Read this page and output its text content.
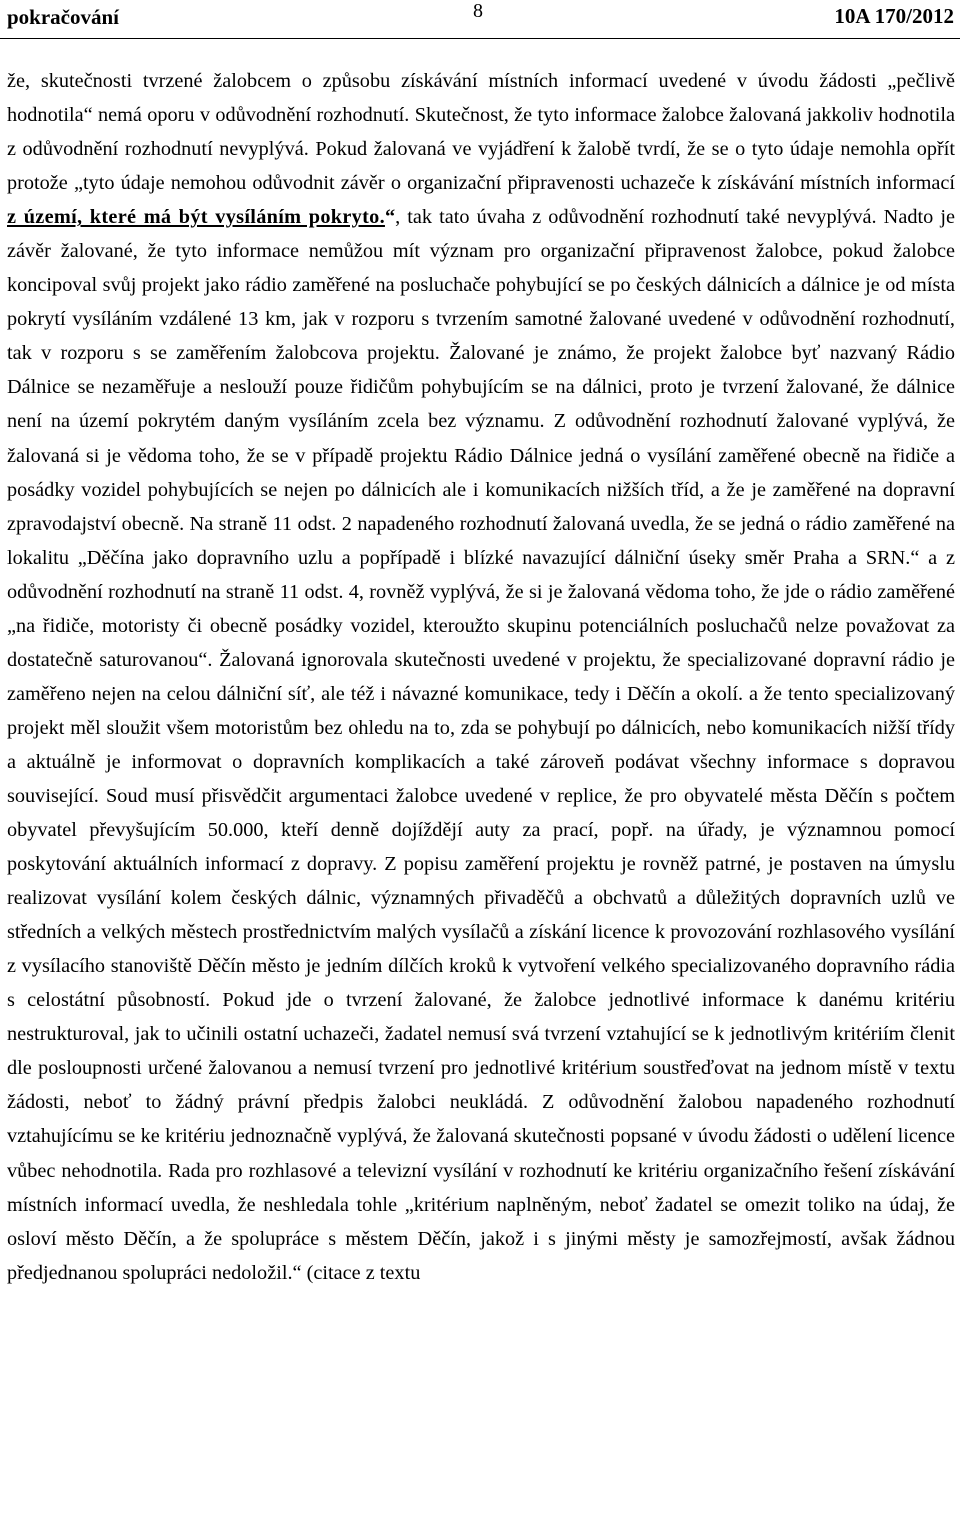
pokračování	8	10A 170/2012

že, skutečnosti tvrzené žalobcem o způsobu získávání místních informací uvedené v úvodu žádosti „pečlivě hodnotila“ nemá oporu v odůvodnění rozhodnutí. Skutečnost, že tyto informace žalobce žalovaná jakkoliv hodnotila z odůvodnění rozhodnutí nevyplývá. Pokud žalovaná ve vyjádření k žalobě tvrdí, že se o tyto údaje nemohla opřít protože „tyto údaje nemohou odůvodnit závěr o organizační připravenosti uchazeče k získávání místních informací z území, které má být vysíláním pokryto.“, tak tato úvaha z odůvodnění rozhodnutí také nevyplývá. Nadto je závěr žalované, že tyto informace nemůžou mít význam pro organizační připravenost žalobce, pokud žalobce koncipoval svůj projekt jako rádio zaměřené na posluchače pohybující se po českých dálnicích a dálnice je od místa pokrytí vysíláním vzdálené 13 km, jak v rozporu s tvrzením samotné žalované uvedené v odůvodnění rozhodnutí, tak v rozporu s se zaměřením žalobcova projektu. Žalované je známo, že projekt žalobce byť nazvaný Rádio Dálnice se nezaměřuje a neslouží pouze řidičům pohybujícím se na dálnici, proto je tvrzení žalované, že dálnice není na území pokrytém daným vysíláním zcela bez významu. Z odůvodnění rozhodnutí žalované vyplývá, že žalovaná si je vědoma toho, že se v případě projektu Rádio Dálnice jedná o vysílání zaměřené obecně na řidiče a posádky vozidel pohybujících se nejen po dálnicích ale i komunikacích nižších tříd, a že je zaměřené na dopravní zpravodajství obecně. Na straně 11 odst. 2 napadeného rozhodnutí žalovaná uvedla, že se jedná o rádio zaměřené na lokalitu „Děčína jako dopravního uzlu a popřípadě i blízké navazující dálniční úseky směr Praha a SRN.“ a z odůvodnění rozhodnutí na straně 11 odst. 4, rovněž vyplývá, že si je žalovaná vědoma toho, že jde o rádio zaměřené „na řidiče, motoristy či obecně posádky vozidel, kteroužto skupinu potenciálních posluchačů nelze považovat za dostatečně saturovanou“. Žalovaná ignorovala skutečnosti uvedené v projektu, že specializované dopravní rádio je zaměřeno nejen na celou dálniční síť, ale též i návazné komunikace, tedy i Děčín a okolí. a že tento specializovaný projekt měl sloužit všem motoristům bez ohledu na to, zda se pohybují po dálnicích, nebo komunikacích nižší třídy a aktuálně je informovat o dopravních komplikacích a také zároveň podávat všechny informace s dopravou související. Soud musí přisvědčit argumentaci žalobce uvedené v replice, že pro obyvatelé města Děčín s počtem obyvatel převyšujícím 50.000, kteří denně dojíždějí auty za prací, popř. na úřady, je významnou pomocí poskytování aktuálních informací z dopravy. Z popisu zaměření projektu je rovněž patrné, je postaven na úmyslu realizovat vysílání kolem českých dálnic, významných přivaděčů a obchvatů a důležitých dopravních uzlů ve středních a velkých městech prostřednictvím malých vysílačů a získání licence k provozování rozhlasového vysílání z vysílacího stanoviště Děčín město je jedním dílčích kroků k vytvoření velkého specializovaného dopravního rádia s celostátní působností. Pokud jde o tvrzení žalované, že žalobce jednotlivé informace k danému kritériu nestrukturoval, jak to učinili ostatní uchazeči, žadatel nemusí svá tvrzení vztahující se k jednotlivým kritériím členit dle posloupnosti určené žalovanou a nemusí tvrzení pro jednotlivé kritérium soustřeďovat na jednom místě v textu žádosti, neboť to žádný právní předpis žalobci neukládá. Z odůvodnění žalobou napadeného rozhodnutí vztahujícímu se ke kritériu jednoznačně vyplývá, že žalovaná skutečnosti popsané v úvodu žádosti o udělení licence vůbec nehodnotila. Rada pro rozhlasové a televizní vysílání v rozhodnutí ke kritériu organizačního řešení získávání místních informací uvedla, že neshledala tohle „kritérium naplněným, neboť žadatel se omezit toliko na údaj, že osloví město Děčín, a že spolupráce s městem Děčín, jakož i s jinými městy je samozřejmostí, avšak žádnou předjednanou spolupráci nedoložil.“ (citace z textu
